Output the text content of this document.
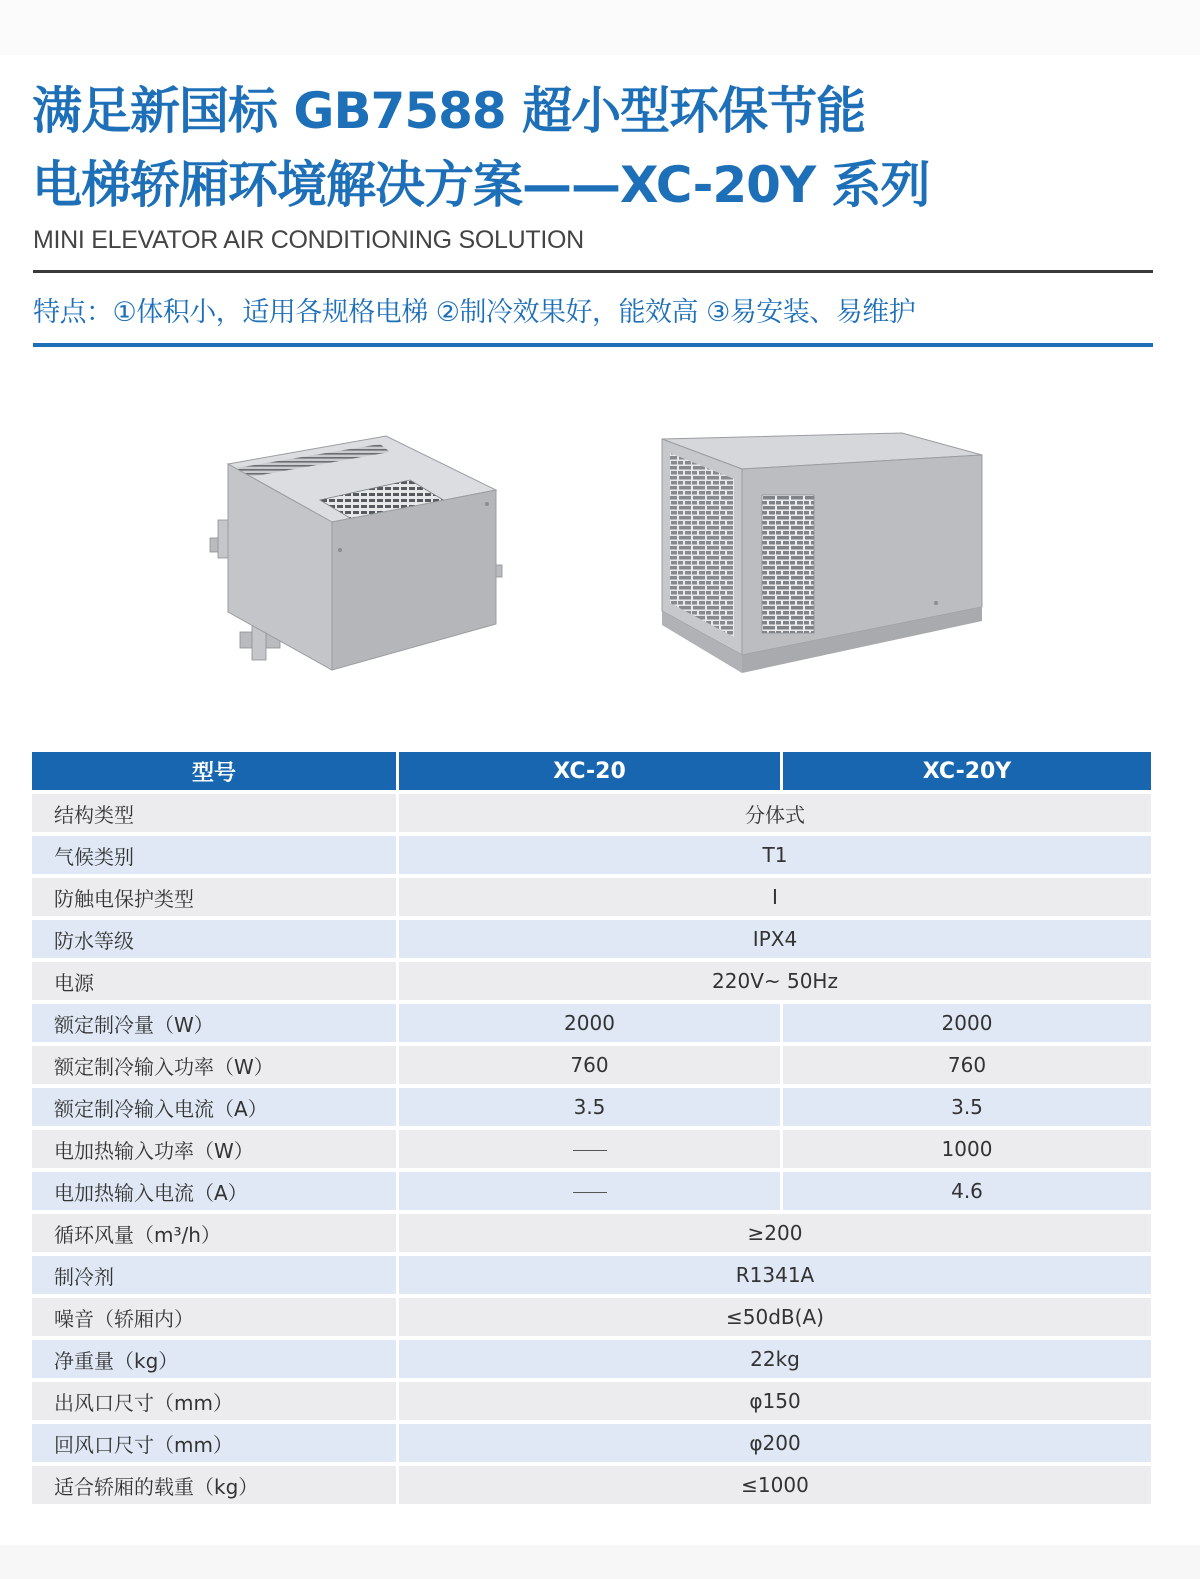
满足新国标 GB7588 超小型环保节能
电梯轿厢环境解决方案——XC-20Y 系列
MINI ELEVATOR AIR CONDITIONING SOLUTION
特点：①体积小，适用各规格电梯 ②制冷效果好，能效高 ③易安装、易维护
型号	XC-20	XC-20Y
结构类型	分体式	
气候类别	T1	
防触电保护类型	I	
防水等级	IPX4	
电源	220V~ 50Hz	
额定制冷量（W）	2000	2000
额定制冷输入功率（W）	760	760
额定制冷输入电流（A）	3.5	3.5
电加热输入功率（W）		1000
电加热输入电流（A）		4.6
循环风量（m³/h）	≥200	
制冷剂	R1341A	
噪音（轿厢内）	≤50dB(A)	
净重量（kg）	22kg	
出风口尺寸（mm）	φ150	
回风口尺寸（mm）	φ200	
适合轿厢的载重（kg）	≤1000	
